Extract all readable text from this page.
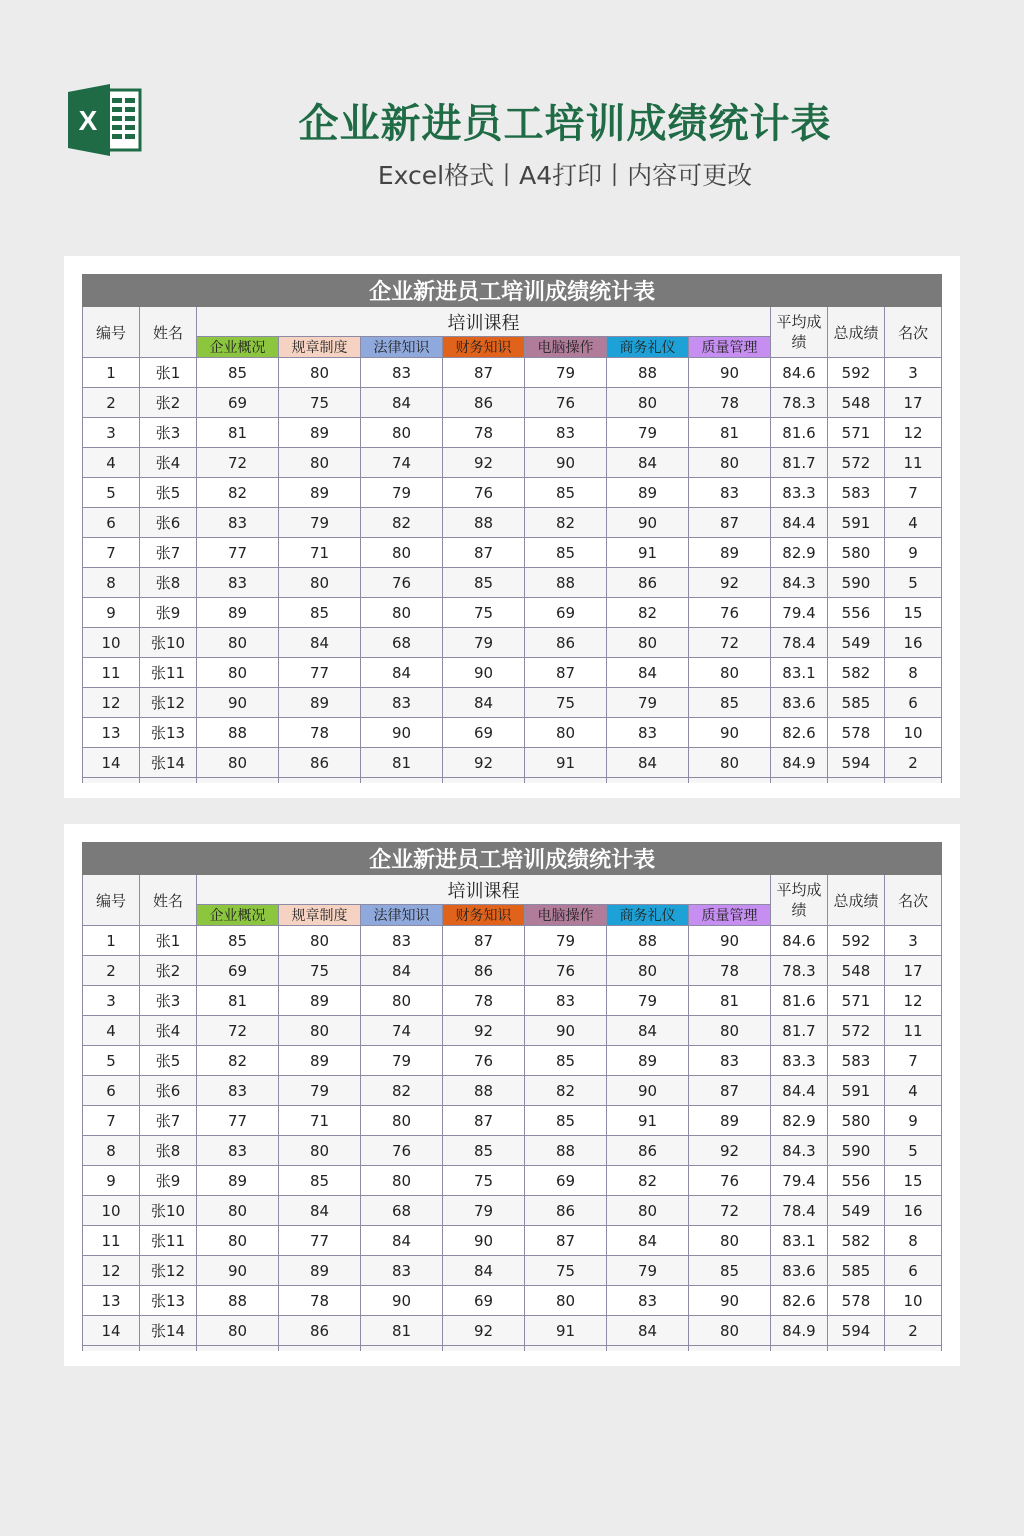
X	企业新进员工培训成绩统计表
Excel格式丨A4打印丨内容可更改
企业新进员工培训成绩统计表											
编号	姓名	培训课程							平均成绩	总成绩	名次
		企业概况	规章制度	法律知识	财务知识	电脑操作	商务礼仪	质量管理			
1	张1	85	80	83	87	79	88	90	84.6	592	3
2	张2	69	75	84	86	76	80	78	78.3	548	17
3	张3	81	89	80	78	83	79	81	81.6	571	12
4	张4	72	80	74	92	90	84	80	81.7	572	11
5	张5	82	89	79	76	85	89	83	83.3	583	7
6	张6	83	79	82	88	82	90	87	84.4	591	4
7	张7	77	71	80	87	85	91	89	82.9	580	9
8	张8	83	80	76	85	88	86	92	84.3	590	5
9	张9	89	85	80	75	69	82	76	79.4	556	15
10	张10	80	84	68	79	86	80	72	78.4	549	16
11	张11	80	77	84	90	87	84	80	83.1	582	8
12	张12	90	89	83	84	75	79	85	83.6	585	6
13	张13	88	78	90	69	80	83	90	82.6	578	10
14	张14	80	86	81	92	91	84	80	84.9	594	2

企业新进员工培训成绩统计表											
编号	姓名	培训课程							平均成绩	总成绩	名次
		企业概况	规章制度	法律知识	财务知识	电脑操作	商务礼仪	质量管理			
1	张1	85	80	83	87	79	88	90	84.6	592	3
2	张2	69	75	84	86	76	80	78	78.3	548	17
3	张3	81	89	80	78	83	79	81	81.6	571	12
4	张4	72	80	74	92	90	84	80	81.7	572	11
5	张5	82	89	79	76	85	89	83	83.3	583	7
6	张6	83	79	82	88	82	90	87	84.4	591	4
7	张7	77	71	80	87	85	91	89	82.9	580	9
8	张8	83	80	76	85	88	86	92	84.3	590	5
9	张9	89	85	80	75	69	82	76	79.4	556	15
10	张10	80	84	68	79	86	80	72	78.4	549	16
11	张11	80	77	84	90	87	84	80	83.1	582	8
12	张12	90	89	83	84	75	79	85	83.6	585	6
13	张13	88	78	90	69	80	83	90	82.6	578	10
14	张14	80	86	81	92	91	84	80	84.9	594	2
